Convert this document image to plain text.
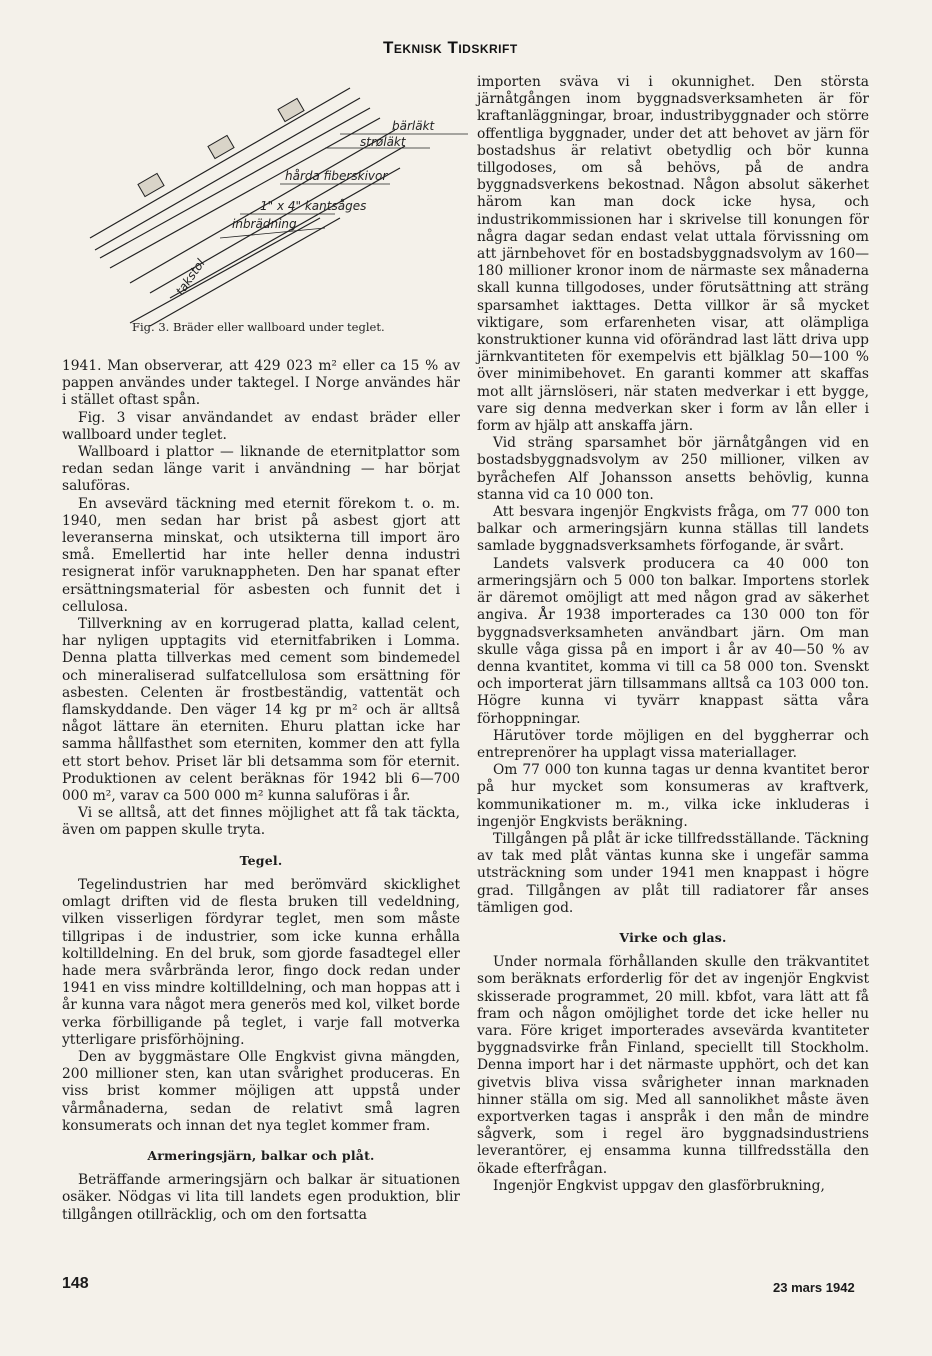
Teknisk Tidskrift
bärläkt
strøläkt
hårda fiberskivor
1" x 4" kantsåges
inbrädning
takstol
Fig. 3. Bräder eller wallboard under teglet.

1941. Man observerar, att 429 023 m² eller ca 15 % av pappen användes under taktegel. I Norge användes här i stället oftast spån.

Fig. 3 visar användandet av endast bräder eller wallboard under teglet.

Wallboard i plattor — liknande de eternitplattor som redan sedan länge varit i användning — har börjat saluföras.

En avsevärd täckning med eternit förekom t. o. m. 1940, men sedan har brist på asbest gjort att leveranserna minskat, och utsikterna till import äro små. Emellertid har inte heller denna industri resignerat inför varuknappheten. Den har spanat efter ersättningsmaterial för asbesten och funnit det i cellulosa.

Tillverkning av en korrugerad platta, kallad celent, har nyligen upptagits vid eternitfabriken i Lomma. Denna platta tillverkas med cement som bindemedel och mineraliserad sulfatcellulosa som ersättning för asbesten. Celenten är frostbeständig, vattentät och flamskyddande. Den väger 14 kg pr m² och är alltså något lättare än eterniten. Ehuru plattan icke har samma hållfasthet som eterniten, kommer den att fylla ett stort behov. Priset lär bli detsamma som för eternit. Produktionen av celent beräknas för 1942 bli 6—700 000 m², varav ca 500 000 m² kunna saluföras i år.

Vi se alltså, att det finnes möjlighet att få tak täckta, även om pappen skulle tryta.

Tegel.

Tegelindustrien har med berömvärd skicklighet omlagt driften vid de flesta bruken till vedeldning, vilken visserligen fördyrar teglet, men som måste tillgripas i de industrier, som icke kunna erhålla koltilldelning. En del bruk, som gjorde fasadtegel eller hade mera svårbrända leror, fingo dock redan under 1941 en viss mindre koltilldelning, och man hoppas att i år kunna vara något mera generös med kol, vilket borde verka förbilligande på teglet, i varje fall motverka ytterligare prisförhöjning.

Den av byggmästare Olle Engkvist givna mängden, 200 millioner sten, kan utan svårighet produceras. En viss brist kommer möjligen att uppstå under vårmånaderna, sedan de relativt små lagren konsumerats och innan det nya teglet kommer fram.

Armeringsjärn, balkar och plåt.

Beträffande armeringsjärn och balkar är situationen osäker. Nödgas vi lita till landets egen produktion, blir tillgången otillräcklig, och om den fortsatta

importen sväva vi i okunnighet. Den största järnåtgången inom byggnadsverksamheten är för kraftanläggningar, broar, industribyggnader och större offentliga byggnader, under det att behovet av järn för bostadshus är relativt obetydlig och bör kunna tillgodoses, om så behövs, på de andra byggnadsverkens bekostnad. Någon absolut säkerhet härom kan man dock icke hysa, och industrikommissionen har i skrivelse till konungen för några dagar sedan endast velat uttala förvissning om att järnbehovet för en bostadsbyggnadsvolym av 160—180 millioner kronor inom de närmaste sex månaderna skall kunna tillgodoses, under förutsättning att sträng sparsamhet iakttages. Detta villkor är så mycket viktigare, som erfarenheten visar, att olämpliga konstruktioner kunna vid oförändrad last lätt driva upp järnkvantiteten för exempelvis ett bjälklag 50—100 % över minimibehovet. En garanti kommer att skaffas mot allt järnslöseri, när staten medverkar i ett bygge, vare sig denna medverkan sker i form av lån eller i form av hjälp att anskaffa järn.

Vid sträng sparsamhet bör järnåtgången vid en bostadsbyggnadsvolym av 250 millioner, vilken av byråchefen Alf Johansson ansetts behövlig, kunna stanna vid ca 10 000 ton.

Att besvara ingenjör Engkvists fråga, om 77 000 ton balkar och armeringsjärn kunna ställas till landets samlade byggnadsverksamhets förfogande, är svårt.

Landets valsverk producera ca 40 000 ton armeringsjärn och 5 000 ton balkar. Importens storlek är däremot omöjligt att med någon grad av säkerhet angiva. År 1938 importerades ca 130 000 ton för byggnadsverksamheten användbart järn. Om man skulle våga gissa på en import i år av 40—50 % av denna kvantitet, komma vi till ca 58 000 ton. Svenskt och importerat järn tillsammans alltså ca 103 000 ton. Högre kunna vi tyvärr knappast sätta våra förhoppningar.

Härutöver torde möjligen en del byggherrar och entreprenörer ha upplagt vissa materiallager.

Om 77 000 ton kunna tagas ur denna kvantitet beror på hur mycket som konsumeras av kraftverk, kommunikationer m. m., vilka icke inkluderas i ingenjör Engkvists beräkning.

Tillgången på plåt är icke tillfredsställande. Täckning av tak med plåt väntas kunna ske i ungefär samma utsträckning som under 1941 men knappast i högre grad. Tillgången av plåt till radiatorer får anses tämligen god.

Virke och glas.

Under normala förhållanden skulle den träkvantitet som beräknats erforderlig för det av ingenjör Engkvist skisserade programmet, 20 mill. kbfot, vara lätt att få fram och någon omöjlighet torde det icke heller nu vara. Före kriget importerades avsevärda kvantiteter byggnadsvirke från Finland, speciellt till Stockholm. Denna import har i det närmaste upphört, och det kan givetvis bliva vissa svårigheter innan marknaden hinner ställa om sig. Med all sannolikhet måste även exportverken tagas i anspråk i den mån de mindre sågverk, som i regel äro byggnadsindustriens leverantörer, ej ensamma kunna tillfredsställa den ökade efterfrågan.

Ingenjör Engkvist uppgav den glasförbrukning,

148	23 mars 1942
